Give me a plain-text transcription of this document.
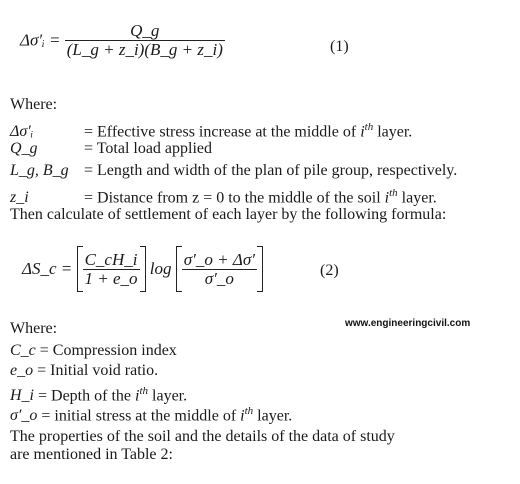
Δσ′ᵢ = $\frac{Q\_g}{(L\_g + z\_i)(B\_g + z\_i)}$	(1)
Where:
Δσ′ᵢ	= Effective stress increase at the middle of $i^{th}$ layer.
Q_g	= Total load applied
L_g, B_g = Length and width of the plan of pile group, respectively.
z_i	= Distance from z = 0 to the middle of the soil $i^{th}$ layer.
Then calculate of settlement of each layer by the following formula:
ΔS_c = $\frac{C\_cH\_i}{1 + e\_o}$ $\log \frac{\sigma'\_o + \Delta\sigma'}{\sigma'\_o}$	(2)
Where:	www.engineeringcivil.com
C_c = Compression index
e_o = Initial void ratio.
H_i = Depth of the $i^{th}$ layer.
σ′_o = initial stress at the middle of $i^{th}$ layer.
The properties of the soil and the details of the data of study
are mentioned in Table 2:
